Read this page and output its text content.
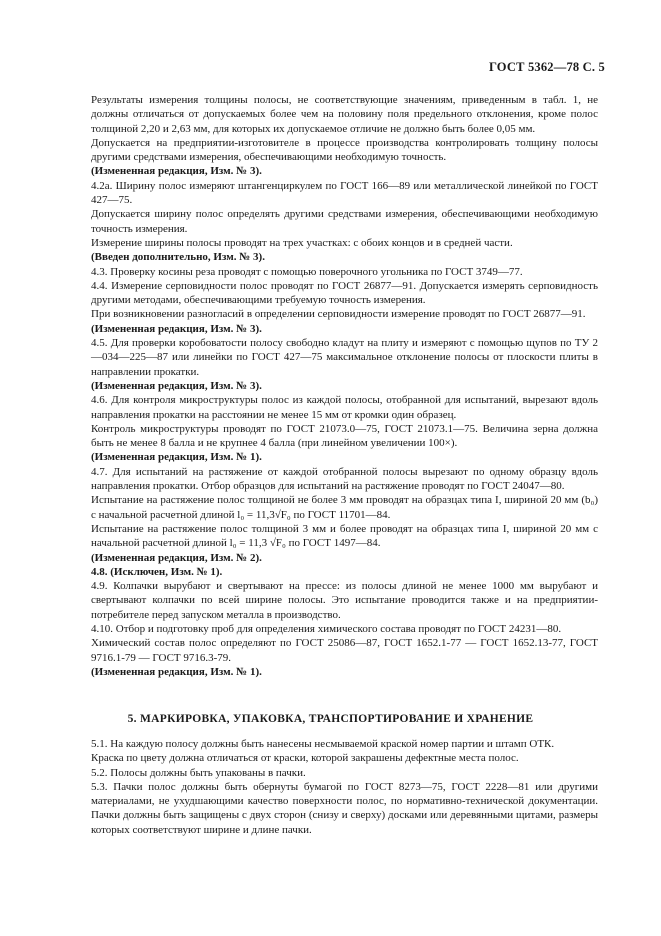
ГОСТ 5362—78 С. 5

Результаты измерения толщины полосы, не соответствующие значениям, приведенным в табл. 1, не должны отличаться от допускаемых более чем на половину поля предельного отклонения, кроме полос толщиной 2,20 и 2,63 мм, для которых их допускаемое отличие не должно быть более 0,05 мм.

Допускается на предприятии-изготовителе в процессе производства контролировать толщину полосы другими средствами измерения, обеспечивающими необходимую точность.

(Измененная редакция, Изм. № 3).

4.2а. Ширину полос измеряют штангенциркулем по ГОСТ 166—89 или металлической линейкой по ГОСТ 427—75.

Допускается ширину полос определять другими средствами измерения, обеспечивающими необходимую точность измерения.

Измерение ширины полосы проводят на трех участках: с обоих концов и в средней части.

(Введен дополнительно, Изм. № 3).

4.3. Проверку косины реза проводят с помощью поверочного угольника по ГОСТ 3749—77.

4.4. Измерение серповидности полос проводят по ГОСТ 26877—91. Допускается измерять серповидность другими методами, обеспечивающими требуемую точность измерения.

При возникновении разногласий в определении серповидности измерение проводят по ГОСТ 26877—91.

(Измененная редакция, Изм. № 3).

4.5. Для проверки коробоватости полосу свободно кладут на плиту и измеряют с помощью щупов по ТУ 2—034—225—87 или линейки по ГОСТ 427—75 максимальное отклонение полосы от плоскости плиты в направлении прокатки.

(Измененная редакция, Изм. № 3).

4.6. Для контроля микроструктуры полос из каждой полосы, отобранной для испытаний, вырезают вдоль направления прокатки на расстоянии не менее 15 мм от кромки один образец.

Контроль микроструктуры проводят по ГОСТ 21073.0—75, ГОСТ 21073.1—75. Величина зерна должна быть не менее 8 балла и не крупнее 4 балла (при линейном увеличении 100×).

(Измененная редакция, Изм. № 1).

4.7. Для испытаний на растяжение от каждой отобранной полосы вырезают по одному образцу вдоль направления прокатки. Отбор образцов для испытаний на растяжение проводят по ГОСТ 24047—80.

Испытание на растяжение полос толщиной не более 3 мм проводят на образцах типа I, шириной 20 мм (b₀) с начальной расчетной длиной l₀ = 11,3√F₀ по ГОСТ 11701—84.

Испытание на растяжение полос толщиной 3 мм и более проводят на образцах типа I, шириной 20 мм с начальной расчетной длиной l₀ = 11,3 √F₀ по ГОСТ 1497—84.

(Измененная редакция, Изм. № 2).

4.8. (Исключен, Изм. № 1).

4.9. Колпачки вырубают и свертывают на прессе: из полосы длиной не менее 1000 мм вырубают и свертывают колпачки по всей ширине полосы. Это испытание проводится также и на предприятии-потребителе перед запуском металла в производство.

4.10. Отбор и подготовку проб для определения химического состава проводят по ГОСТ 24231—80.

Химический состав полос определяют по ГОСТ 25086—87, ГОСТ 1652.1-77 — ГОСТ 1652.13-77, ГОСТ 9716.1-79 — ГОСТ 9716.3-79.

(Измененная редакция, Изм. № 1).

5. МАРКИРОВКА, УПАКОВКА, ТРАНСПОРТИРОВАНИЕ И ХРАНЕНИЕ

5.1. На каждую полосу должны быть нанесены несмываемой краской номер партии и штамп ОТК.

Краска по цвету должна отличаться от краски, которой закрашены дефектные места полос.

5.2. Полосы должны быть упакованы в пачки.

5.3. Пачки полос должны быть обернуты бумагой по ГОСТ 8273—75, ГОСТ 2228—81 или другими материалами, не ухудшающими качество поверхности полос, по нормативно-технической документации. Пачки должны быть защищены с двух сторон (снизу и сверху) досками или деревянными щитами, размеры которых соответствуют ширине и длине пачки.
